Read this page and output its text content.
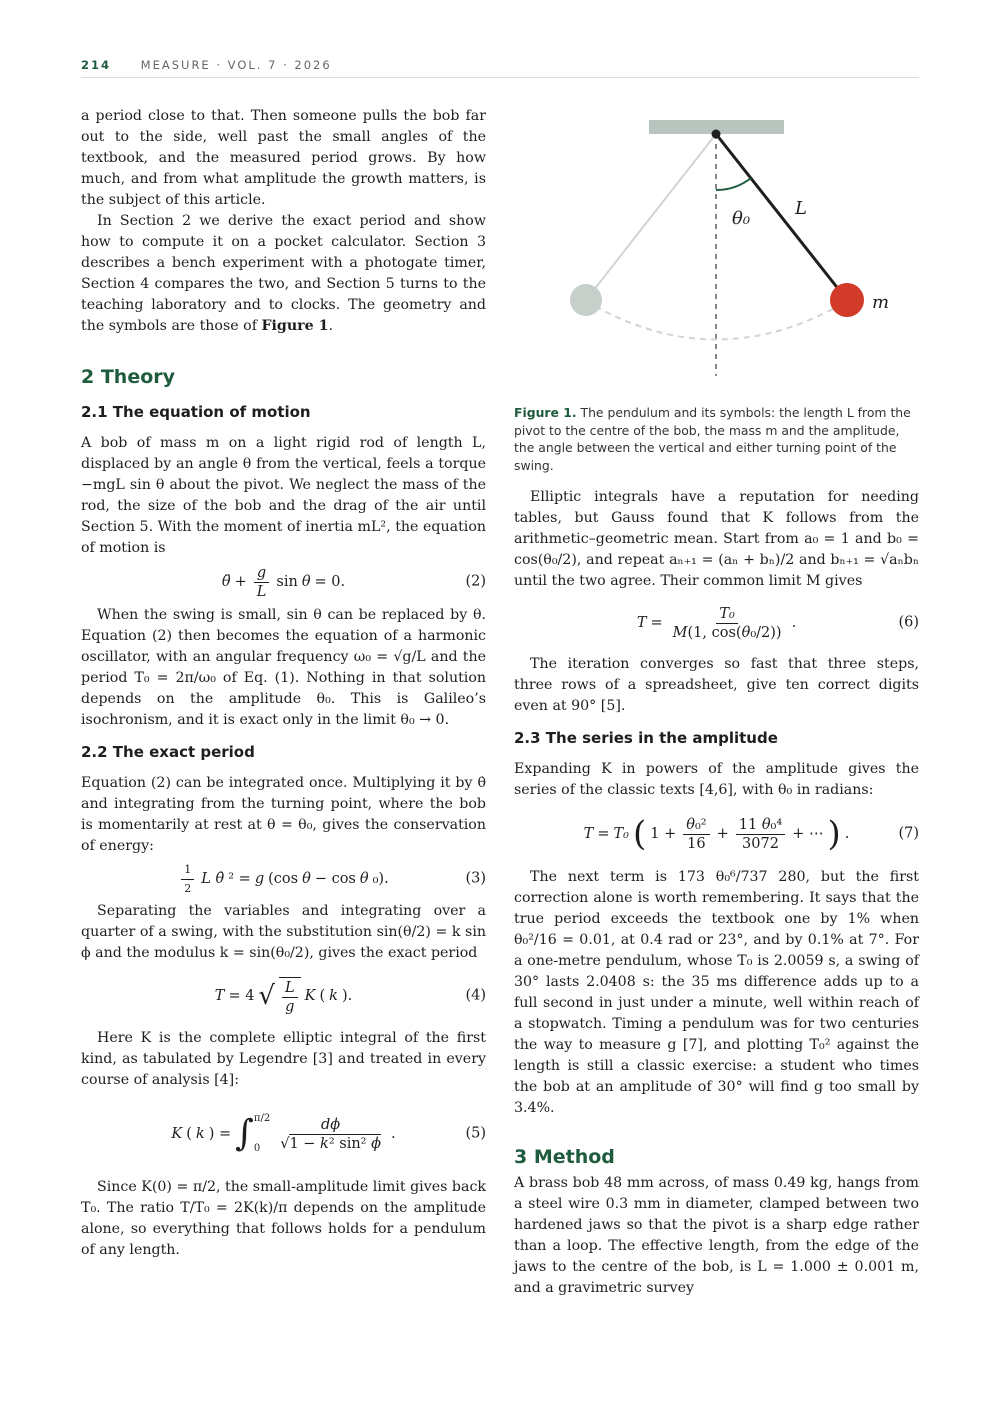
214	MEASURE · VOL. 7 · 2026

a period close to that. Then someone pulls the bob far out to the side, well past the small angles of the textbook, and the measured period grows. By how much, and from what amplitude the growth matters, is the subject of this article.

In Section 2 we derive the exact period and show how to compute it on a pocket calculator. Section 3 describes a bench experiment with a photogate timer, Section 4 compares the two, and Section 5 turns to the teaching laboratory and to clocks. The geometry and the symbols are those of Figure 1.

2 Theory
2.1 The equation of motion

A bob of mass m on a light rigid rod of length L, displaced by an angle θ from the vertical, feels a torque −mgL sin θ about the pivot. We neglect the mass of the rod, the size of the bob and the drag of the air until Section 5. With the moment of inertia mL², the equation of motion is

θ̈ + $\frac{g}{L}$ sin θ = 0.	(2)

When the swing is small, sin θ can be replaced by θ. Equation (2) then becomes the equation of a harmonic oscillator, with an angular frequency ω₀ = √g/L and the period T₀ = 2π/ω₀ of Eq. (1). Nothing in that solution depends on the amplitude θ₀. This is Galileo’s isochronism, and it is exact only in the limit θ₀ → 0.

2.2 The exact period

Equation (2) can be integrated once. Multiplying it by θ̇ and integrating from the turning point, where the bob is momentarily at rest at θ = θ₀, gives the conservation of energy:

$\frac{1}{2}$ L θ̇ ² = g (cos θ − cos θ ₀).	(3)

Separating the variables and integrating over a quarter of a swing, with the substitution sin(θ/2) = k sin ϕ and the modulus k = sin(θ₀/2), gives the exact period

T = 4 √ $\frac{L}{g}$ K ( k ).	(4)

Here K is the complete elliptic integral of the first kind, as tabulated by Legendre [3] and treated in every course of analysis [4]:

K ( k ) = ∫ π/2
0	$\frac{d\phi}{\text{√1 − k² sin² ϕ}}$ .	(5)

Since K(0) = π/2, the small-amplitude limit gives back T₀. The ratio T/T₀ = 2K(k)/π depends on the amplitude alone, so everything that follows holds for a pendulum of any length.

θ₀ L
m
Figure 1. The pendulum and its symbols: the length L from the pivot to the centre of the bob, the mass m and the amplitude, the angle between the vertical and either turning point of the swing.

Elliptic integrals have a reputation for needing tables, but Gauss found that K follows from the arithmetic–geometric mean. Start from a₀ = 1 and b₀ = cos(θ₀/2), and repeat aₙ₊₁ = (aₙ + bₙ)/2 and bₙ₊₁ = √aₙbₙ until the two agree. Their common limit M gives

$T = \frac{\text{T₀}}{\text{M(1, cos(θ₀/2))}}$ .	(6)

The iteration converges so fast that three steps, three rows of a spreadsheet, give ten correct digits even at 90° [5].

2.3 The series in the amplitude

Expanding K in powers of the amplitude gives the series of the classic texts [4,6], with θ₀ in radians:

T = T₀ ( $1 + \frac{\text{θ₀²}}{16} + \frac{\text{11 θ₀⁴}}{3072}$ + ⋯ ) .	(7)

The next term is 173 θ₀⁶/737 280, but the first correction alone is worth remembering. It says that the true period exceeds the textbook one by 1% when θ₀²/16 = 0.01, at 0.4 rad or 23°, and by 0.1% at 7°. For a one-metre pendulum, whose T₀ is 2.0059 s, a swing of 30° lasts 2.0408 s: the 35 ms difference adds up to a full second in just under a minute, well within reach of a stopwatch. Timing a pendulum was for two centuries the way to measure g [7], and plotting T₀² against the length is still a classic exercise: a student who times the bob at an amplitude of 30° will find g too small by 3.4%.

3 Method

A brass bob 48 mm across, of mass 0.49 kg, hangs from a steel wire 0.3 mm in diameter, clamped between two hardened jaws so that the pivot is a sharp edge rather than a loop. The effective length, from the edge of the jaws to the centre of the bob, is L = 1.000 ± 0.001 m, and a gravimetric survey
